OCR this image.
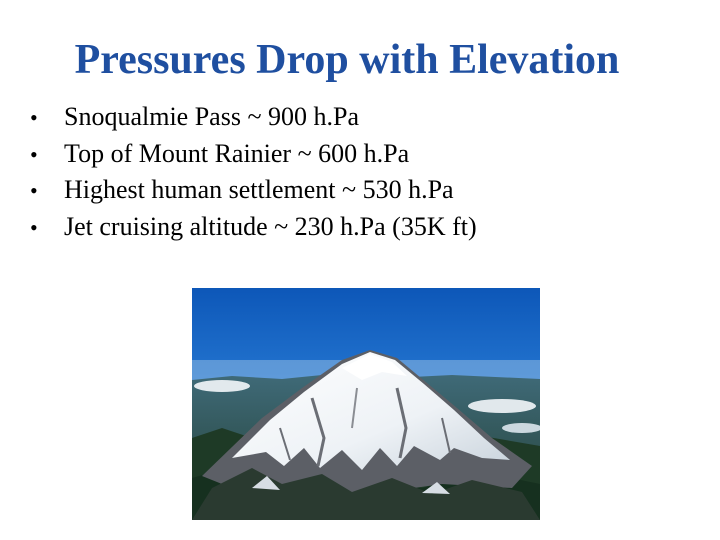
Pressures Drop with Elevation
•	Snoqualmie Pass ~ 900 h.Pa
•	Top of Mount Rainier ~ 600 h.Pa
•	Highest human settlement ~ 530 h.Pa
•	Jet cruising altitude ~ 230 h.Pa (35K ft)
